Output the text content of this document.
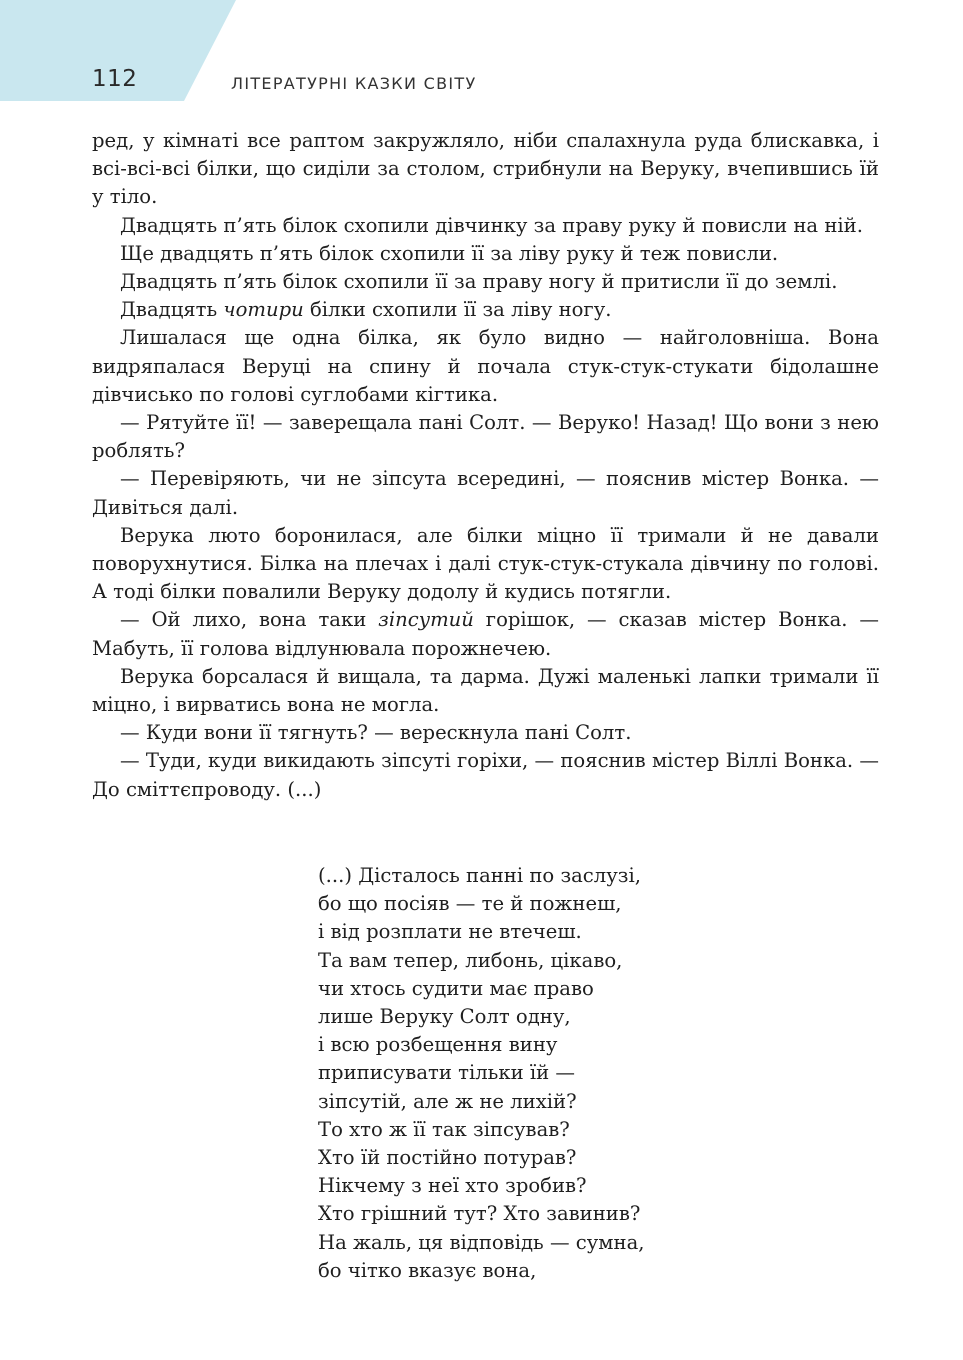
112	ЛІТЕРАТУРНІ КАЗКИ СВІТУ

ред, у кімнаті все раптом закружляло, ніби спалахнула руда блискавка, і всі-всі-всі білки, що сиділи за столом, стрибнули на Веруку, вчепившись їй у тіло.

Двадцять п’ять білок схопили дівчинку за праву руку й повисли на ній.

Ще двадцять п’ять білок схопили її за ліву руку й теж повисли.

Двадцять п’ять білок схопили її за праву ногу й притисли її до землі.

Двадцять чотири білки схопили її за ліву ногу.

Лишалася ще одна білка, як було видно — найголовніша. Вона видряпалася Веруці на спину й почала стук-стук-стукати бідолашне дівчисько по голові суглобами кігтика.

— Рятуйте її! — заверещала пані Солт. — Веруко! Назад! Що вони з нею роблять?

— Перевіряють, чи не зіпсута всередині, — пояснив містер Вонка. — Дивіться далі.

Верука люто боронилася, але білки міцно її тримали й не давали поворухнутися. Білка на плечах і далі стук-стук-стукала дівчину по голові. А тоді білки повалили Веруку додолу й кудись потягли.

— Ой лихо, вона таки зіпсутий горішок, — сказав містер Вонка. — Мабуть, її голова відлунювала порожнечею.

Верука борсалася й вищала, та дарма. Дужі маленькі лапки тримали її міцно, і вирватись вона не могла.

— Куди вони її тягнуть? — верескнула пані Солт.

— Туди, куди викидають зіпсуті горіхи, — пояснив містер Віллі Вонка. — До сміттєпроводу. (...)

(...) Дісталось панні по заслузі,
бо що посіяв — те й пожнеш,
і від розплати не втечеш.
Та вам тепер, либонь, цікаво,
чи хтось судити має право
лише Веруку Солт одну,
і всю розбещення вину
приписувати тільки їй —
зіпсутій, але ж не лихій?
То хто ж її так зіпсував?
Хто їй постійно потурав?
Нікчему з неї хто зробив?
Хто грішний тут? Хто завинив?
На жаль, ця відповідь — сумна,
бо чітко вказує вона,
